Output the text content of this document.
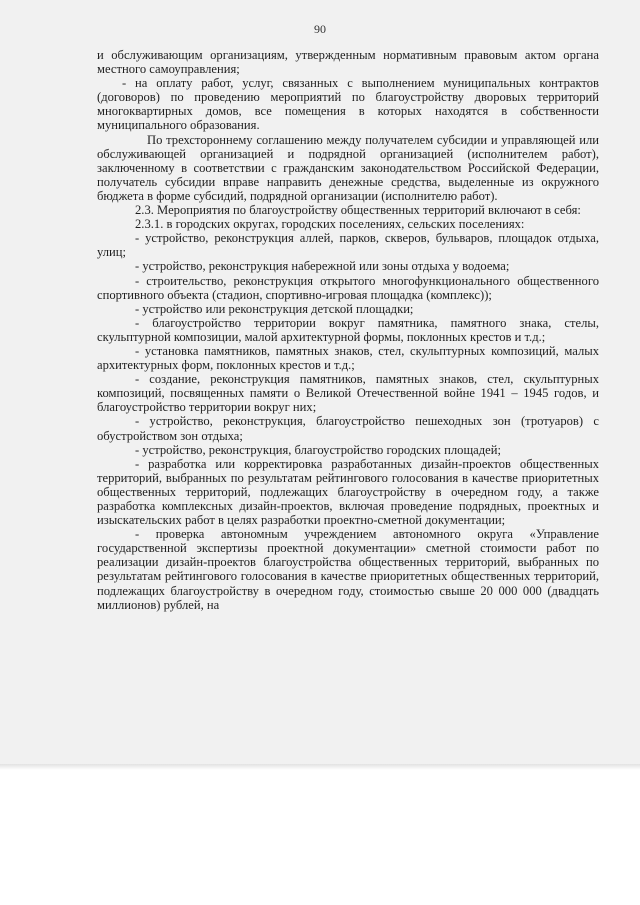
90

и обслуживающим организациям, утвержденным нормативным правовым актом органа местного самоуправления;

- на оплату работ, услуг, связанных с выполнением муниципальных контрактов (договоров) по проведению мероприятий по благоустройству дворовых территорий многоквартирных домов, все помещения в которых находятся в собственности муниципального образования.

По трехстороннему соглашению между получателем субсидии и управляющей или обслуживающей организацией и подрядной организацией (исполнителем работ), заключенному в соответствии с гражданским законодательством Российской Федерации, получатель субсидии вправе направить денежные средства, выделенные из окружного бюджета в форме субсидий, подрядной организации (исполнителю работ).

2.3. Мероприятия по благоустройству общественных территорий включают в себя:

2.3.1. в городских округах, городских поселениях, сельских поселениях:

- устройство, реконструкция аллей, парков, скверов, бульваров, площадок отдыха, улиц;

- устройство, реконструкция набережной или зоны отдыха у водоема;

- строительство, реконструкция открытого многофункционального общественного спортивного объекта (стадион, спортивно-игровая площадка (комплекс));

- устройство или реконструкция детской площадки;

- благоустройство территории вокруг памятника, памятного знака, стелы, скульптурной композиции, малой архитектурной формы, поклонных крестов и т.д.;

- установка памятников, памятных знаков, стел, скульптурных композиций, малых архитектурных форм, поклонных крестов и т.д.;

- создание, реконструкция памятников, памятных знаков, стел, скульптурных композиций, посвященных памяти о Великой Отечественной войне 1941 – 1945 годов, и благоустройство территории вокруг них;

- устройство, реконструкция, благоустройство пешеходных зон (тротуаров) с обустройством зон отдыха;

- устройство, реконструкция, благоустройство городских площадей;

- разработка или корректировка разработанных дизайн-проектов общественных территорий, выбранных по результатам рейтингового голосования в качестве приоритетных общественных территорий, подлежащих благоустройству в очередном году, а также разработка комплексных дизайн-проектов, включая проведение подрядных, проектных и изыскательских работ в целях разработки проектно-сметной документации;

- проверка автономным учреждением автономного округа «Управление государственной экспертизы проектной документации» сметной стоимости работ по реализации дизайн-проектов благоустройства общественных территорий, выбранных по результатам рейтингового голосования в качестве приоритетных общественных территорий, подлежащих благоустройству в очередном году, стоимостью свыше 20 000 000 (двадцать миллионов) рублей, на
